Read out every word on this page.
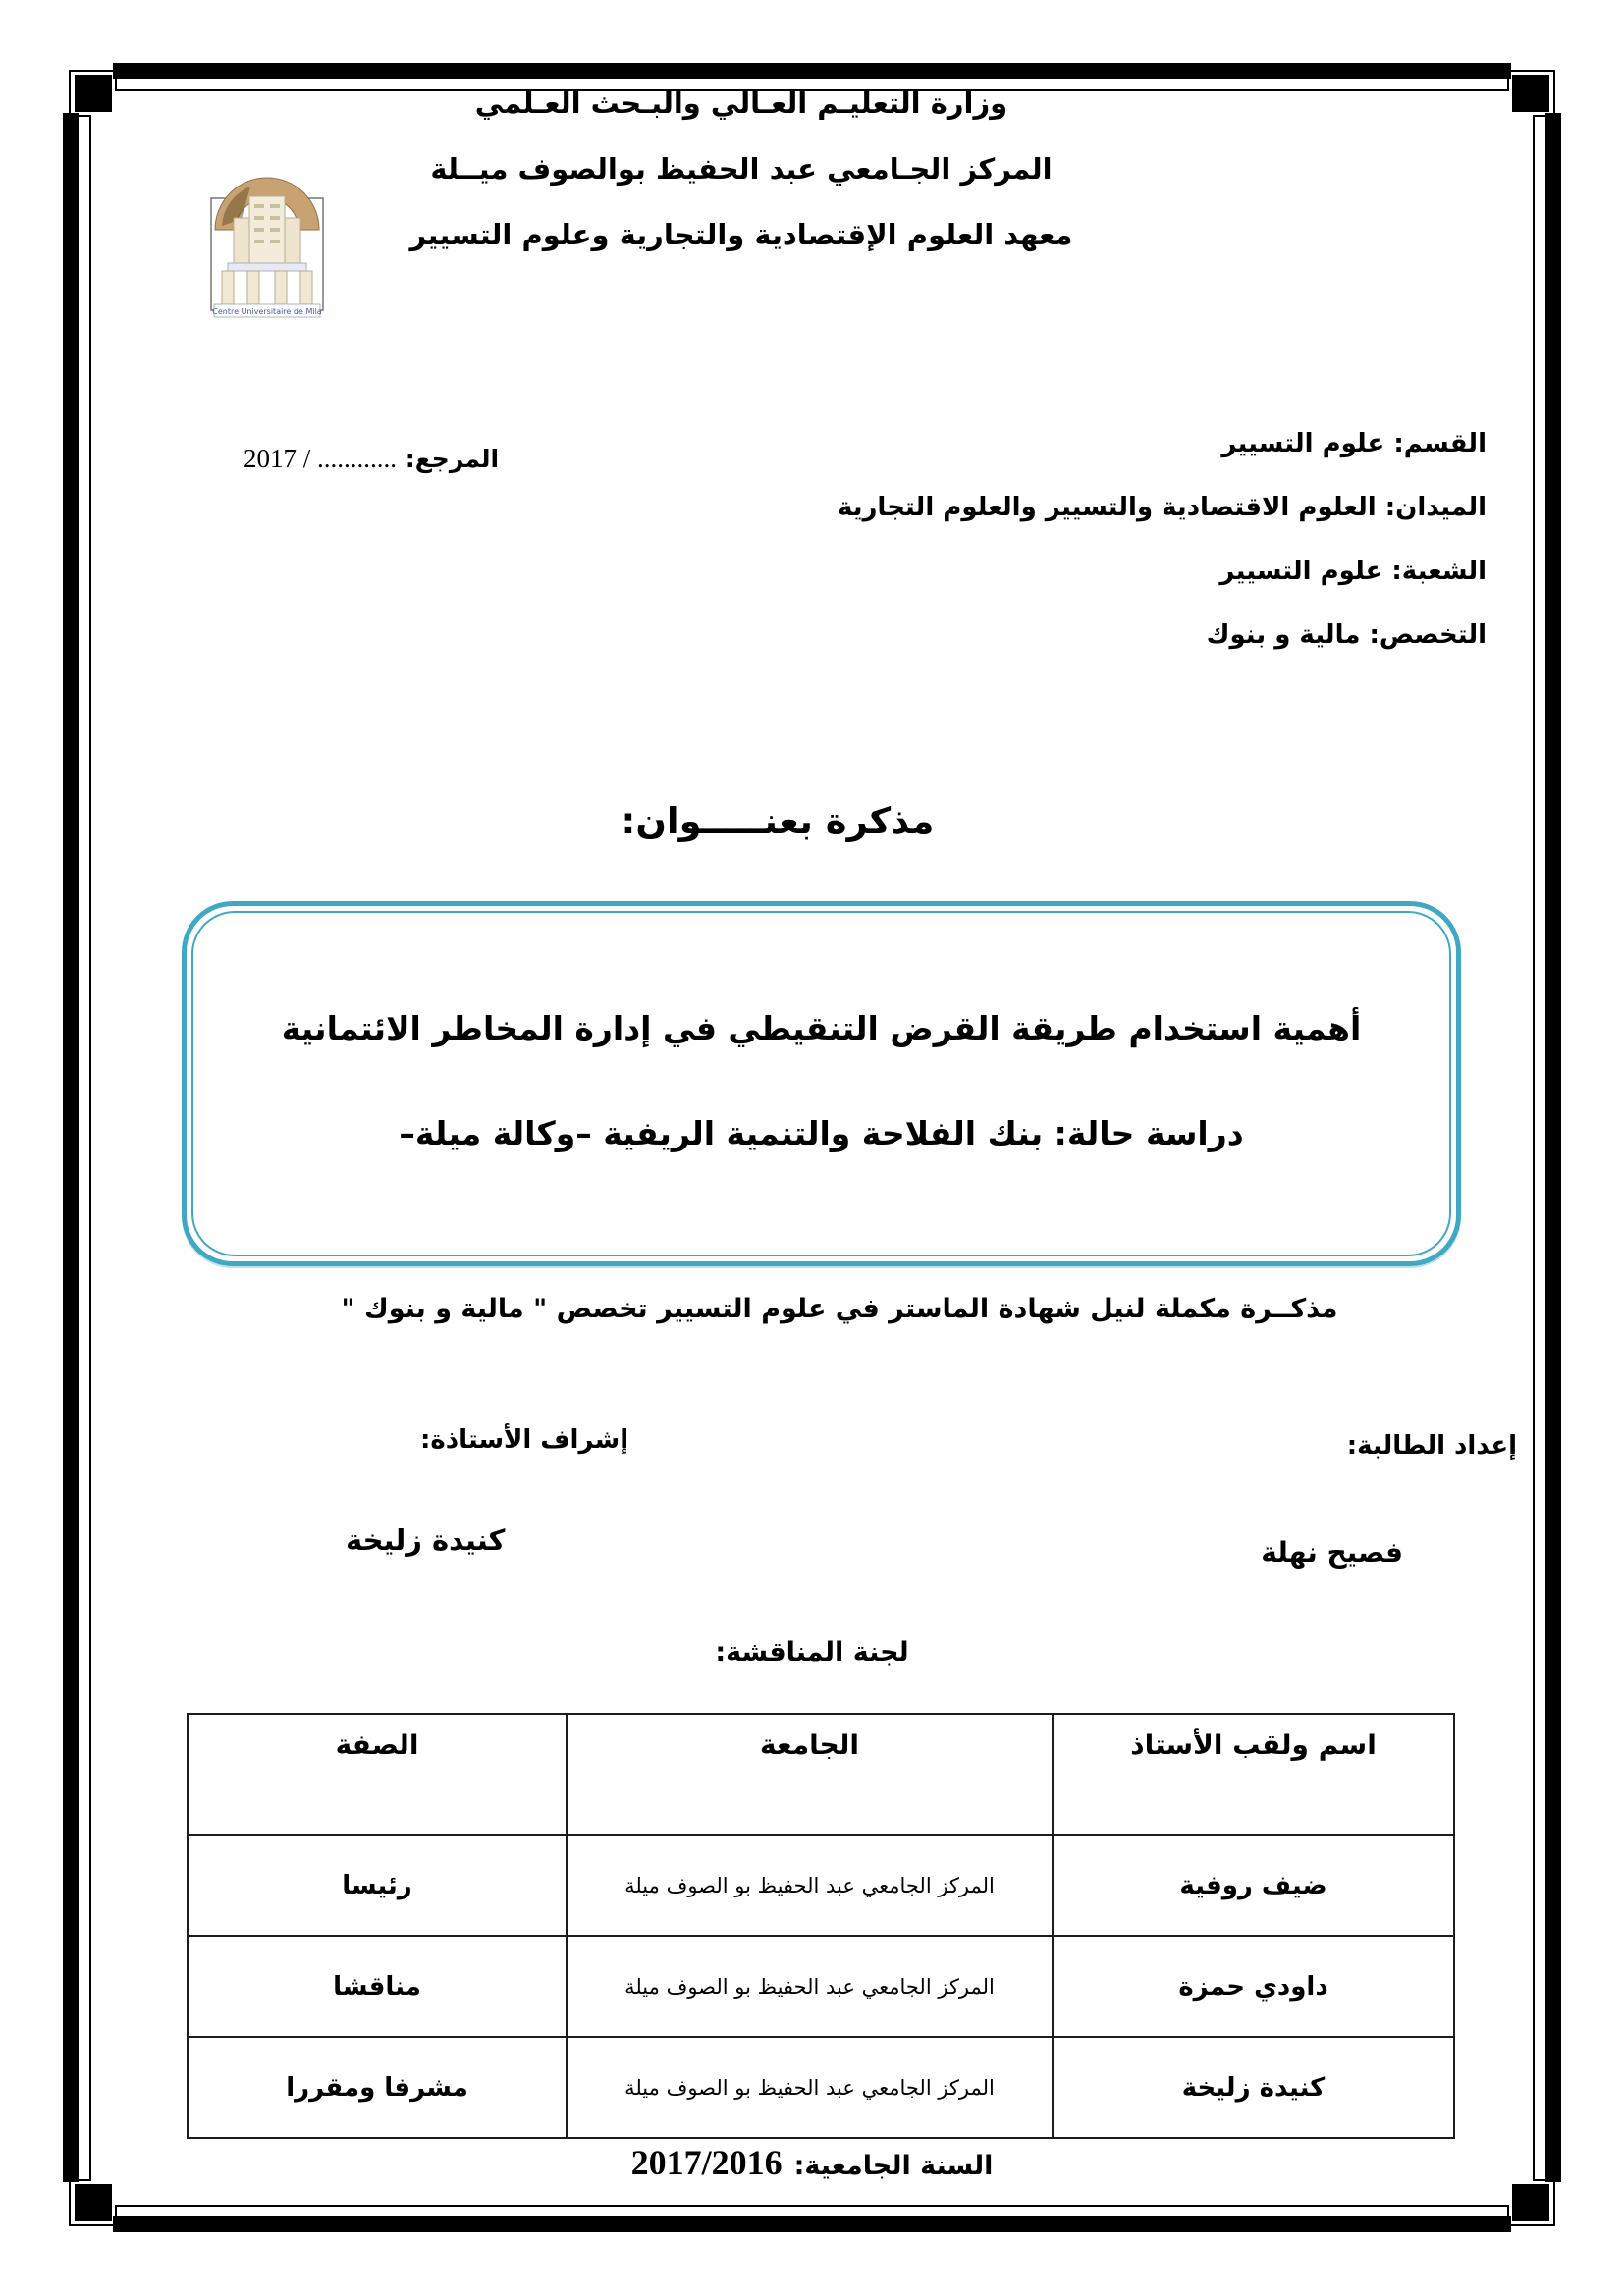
Centre Universitaire de Mila
وزارة التعليـم العـالي والبـحث العـلمي
المركز الجـامعي عبد الحفيظ بوالصوف ميــلة
معهد العلوم الإقتصادية والتجارية وعلوم التسيير
القسم: علوم التسيير
الميدان: العلوم الاقتصادية والتسيير والعلوم التجارية
الشعبة: علوم التسيير
التخصص: مالية و بنوك
المرجع: ............ / 2017
مذكرة بعنـــــوان:
أهمية استخدام طريقة القرض التنقيطي في إدارة المخاطر الائتمانية
دراسة حالة: بنك الفلاحة والتنمية الريفية –وكالة ميلة–
مذكــرة مكملة لنيل شهادة الماستر في علوم التسيير تخصص " مالية و بنوك "
إعداد الطالبة:
فصيح نهلة
إشراف الأستاذة:
كنيدة زليخة
لجنة المناقشة:
اسم ولقب الأستاذ	الجامعة	الصفة
ضيف روفية	المركز الجامعي عبد الحفيظ بو الصوف ميلة	رئيسا
داودي حمزة	المركز الجامعي عبد الحفيظ بو الصوف ميلة	مناقشا
كنيدة زليخة	المركز الجامعي عبد الحفيظ بو الصوف ميلة	مشرفا ومقررا
السنة الجامعية:
2017/2016
